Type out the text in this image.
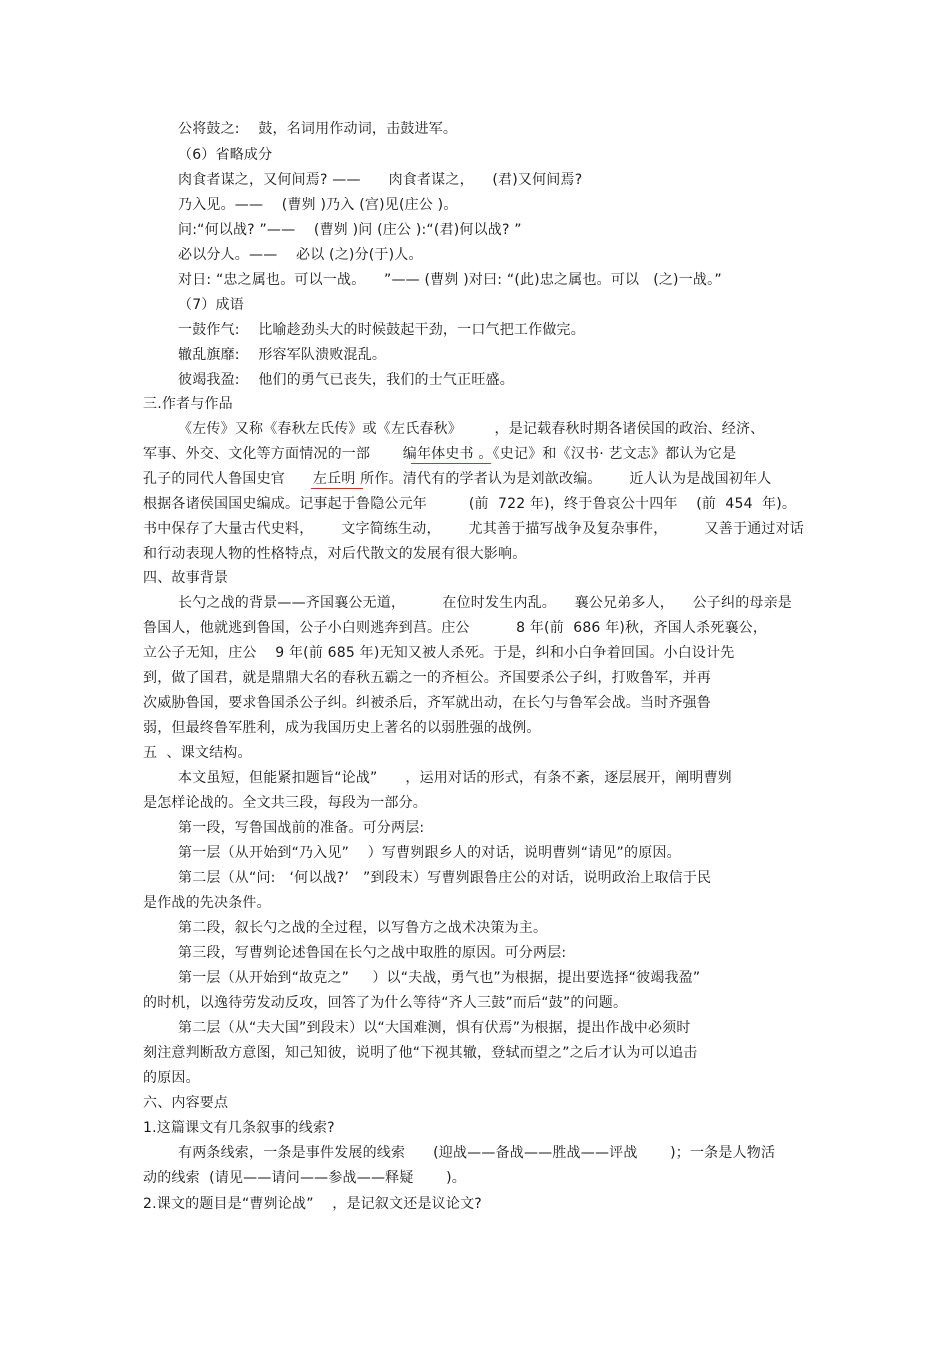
公将鼓之:    鼓，名词用作动词，击鼓进军。
（6）省略成分
肉食者谋之，又何间焉? ——      肉食者谋之，    (君)又何间焉?
乃入见。——    (曹刿 )乃入 (宫)见(庄公 )。
问:“何以战? ”——    (曹刿 )问 (庄公 ):“(君)何以战? ”
必以分人。——    必以 (之)分(于)人。
对日: “忠之属也。可以一战。    ”—— (曹刿 )对曰: “(此)忠之属也。可以   (之)一战。”
（7）成语
一鼓作气:    比喻趁劲头大的时候鼓起干劲，一口气把工作做完。
辙乱旗靡:    形容军队溃败混乱。
彼竭我盈:    他们的勇气已丧失，我们的士气正旺盛。
三.作者与作品
《左传》又称《春秋左氏传》或《左氏春秋》       ，是记载春秋时期各诸侯国的政治、经济、
军事、外交、文化等方面情况的一部       编年体史书 。《史记》和《汉书· 艺文志》都认为它是
孔子的同代人鲁国史官      左丘明 所作。清代有的学者认为是刘歆改编。      近人认为是战国初年人
根据各诸侯国国史编成。记事起于鲁隐公元年         (前  722 年)，终于鲁哀公十四年    (前  454  年)。
书中保存了大量古代史料，      文字简练生动，      尤其善于描写战争及复杂事件，        又善于通过对话
和行动表现人物的性格特点，对后代散文的发展有很大影响。
四、故事背景
长勺之战的背景——齐国襄公无道，        在位时发生内乱。    襄公兄弟多人，    公子纠的母亲是
鲁国人，他就逃到鲁国，公子小白则逃奔到莒。庄公          8 年(前  686 年)秋，齐国人杀死襄公，
立公子无知，庄公    9 年(前 685 年)无知又被人杀死。于是，纠和小白争着回国。小白设计先
到，做了国君，就是鼎鼎大名的春秋五霸之一的齐桓公。齐国要杀公子纠，打败鲁军，并再
次威胁鲁国，要求鲁国杀公子纠。纠被杀后，齐军就出动，在长勺与鲁军会战。当时齐强鲁
弱，但最终鲁军胜利，成为我国历史上著名的以弱胜强的战例。
五  、课文结构。
本文虽短，但能紧扣题旨“论战”      ，运用对话的形式，有条不紊，逐层展开，阐明曹刿
是怎样论战的。全文共三段，每段为一部分。
第一段，写鲁国战前的准备。可分两层:
第一层（从开始到“乃入见”    ）写曹刿跟乡人的对话，说明曹刿“请见”的原因。
第二层（从“问:   ‘何以战?’   ”到段末）写曹刿跟鲁庄公的对话，说明政治上取信于民
是作战的先决条件。
第二段，叙长勺之战的全过程，以写鲁方之战术决策为主。
第三段，写曹刿论述鲁国在长勺之战中取胜的原因。可分两层:
第一层（从开始到“故克之”     ）以“夫战，勇气也”为根据，提出要选择“彼竭我盈”
的时机，以逸待劳发动反攻，回答了为什么等待“齐人三鼓”而后“鼓”的问题。
第二层（从“夫大国”到段末）以“大国难测，惧有伏焉”为根据，提出作战中必须时
刻注意判断敌方意图，知己知彼，说明了他“下视其辙，登轼而望之”之后才认为可以追击
的原因。
六、内容要点
1.这篇课文有几条叙事的线索?
有两条线索，一条是事件发展的线索      (迎战——备战——胜战——评战       )；一条是人物活
动的线索  (请见——请问——参战——释疑       )。
2.课文的题目是“曹刿论战”    ，是记叙文还是议论文?
